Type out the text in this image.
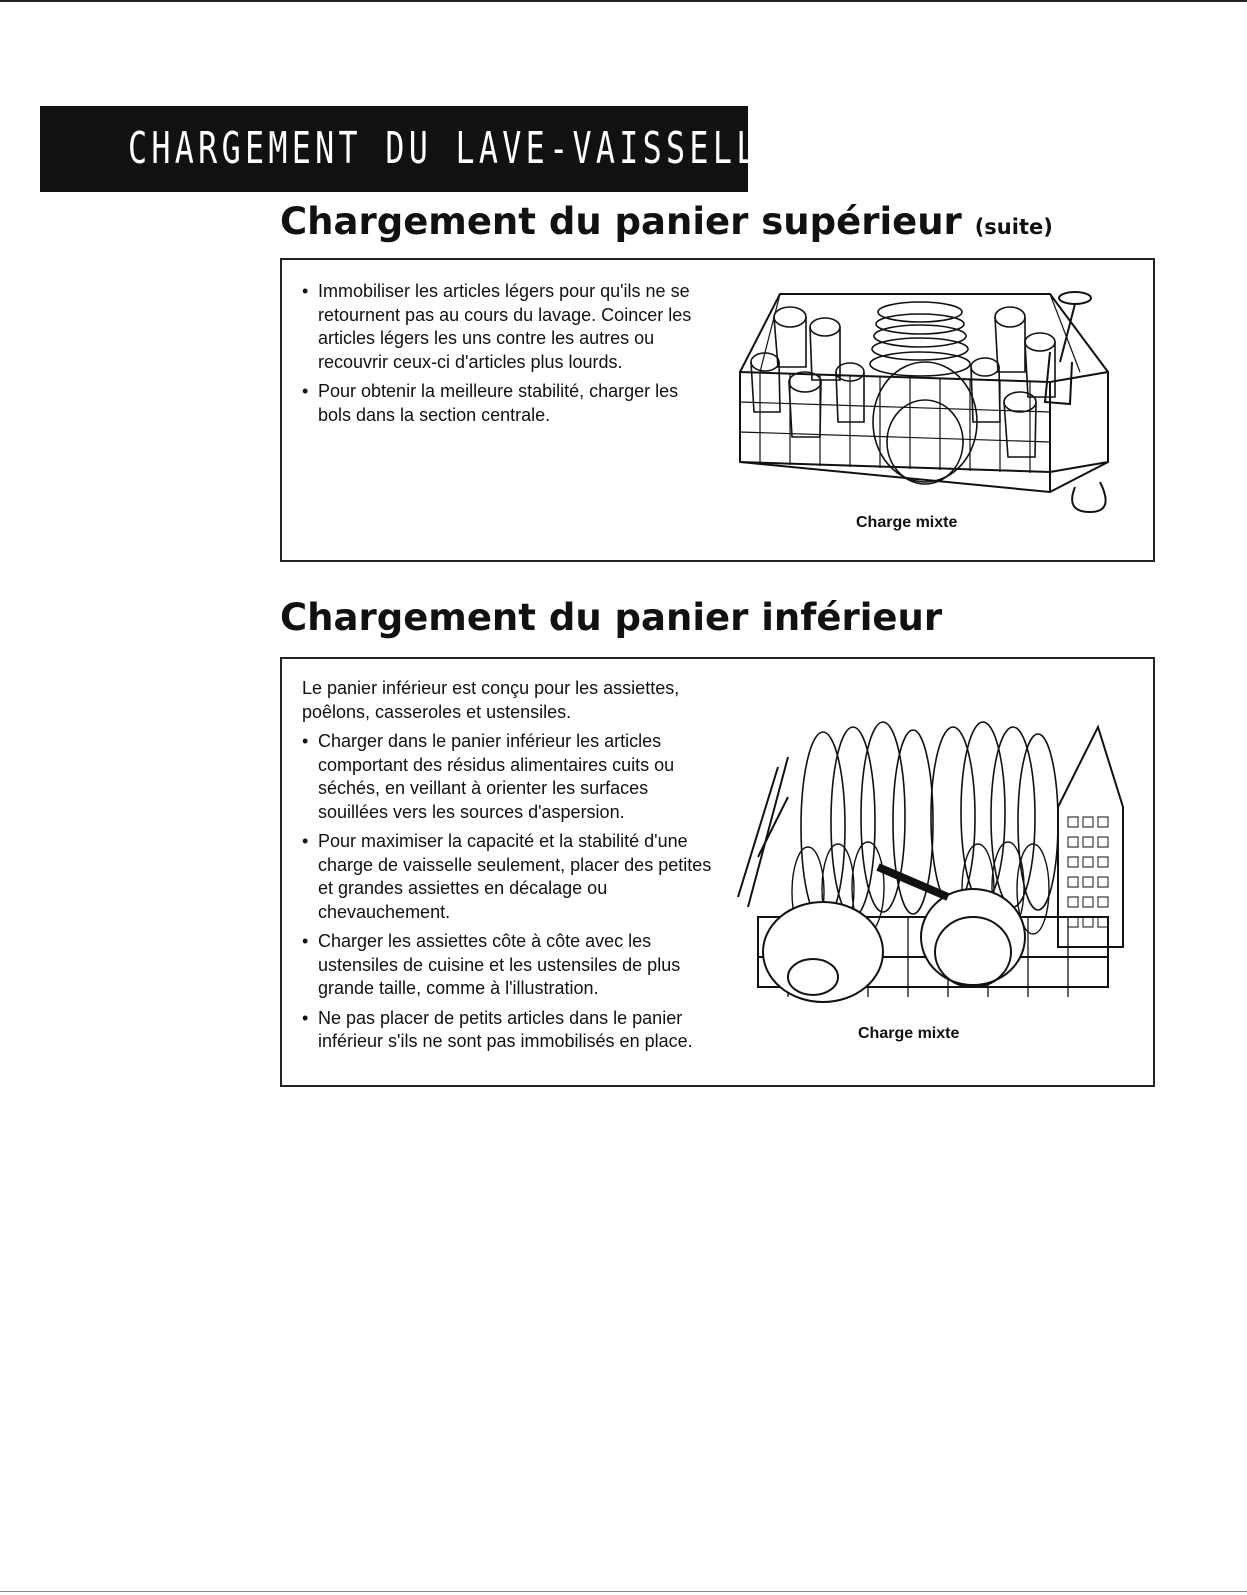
CHARGEMENT DU LAVE-VAISSELLE
Chargement du panier supérieur (suite)
• Immobiliser les articles légers pour qu'ils ne se retournent pas au cours du lavage. Coincer les articles légers les uns contre les autres ou recouvrir ceux-ci d'articles plus lourds.
• Pour obtenir la meilleure stabilité, charger les bols dans la section centrale.
Charge mixte
Chargement du panier inférieur

Le panier inférieur est conçu pour les assiettes, poêlons, casseroles et ustensiles.

• Charger dans le panier inférieur les articles comportant des résidus alimentaires cuits ou séchés, en veillant à orienter les surfaces souillées vers les sources d'aspersion.
• Pour maximiser la capacité et la stabilité d'une charge de vaisselle seulement, placer des petites et grandes assiettes en décalage ou chevauchement.
• Charger les assiettes côte à côte avec les ustensiles de cuisine et les ustensiles de plus grande taille, comme à l'illustration.
• Ne pas placer de petits articles dans le panier inférieur s'ils ne sont pas immobilisés en place.	Charge mixte
